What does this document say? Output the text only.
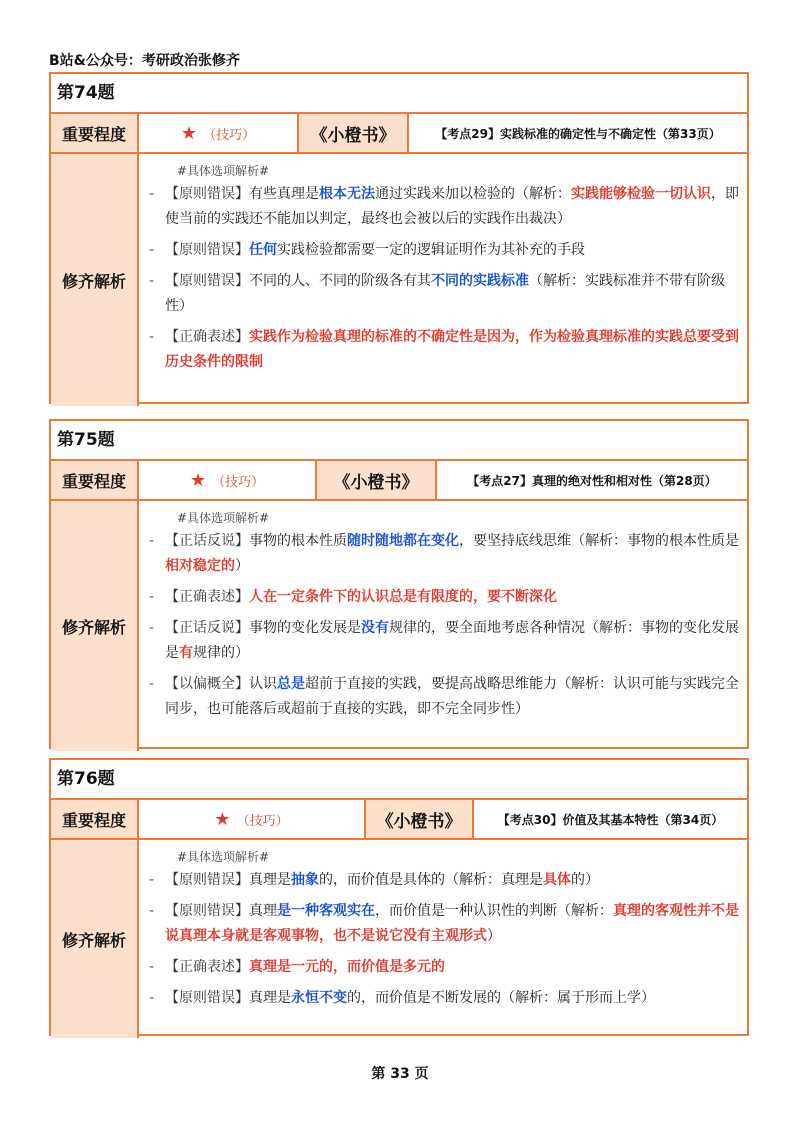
B站&公众号：考研政治张修齐
第74题
重要程度	★ （技巧）	《小橙书》	【考点29】实践标准的确定性与不确定性（第33页）
修齐解析
#具体选项解析#
- 【原则错误】有些真理是根本无法通过实践来加以检验的（解析：实践能够检验一切认识，即使当前的实践还不能加以判定，最终也会被以后的实践作出裁决）
- 【原则错误】任何实践检验都需要一定的逻辑证明作为其补充的手段
- 【原则错误】不同的人、不同的阶级各有其不同的实践标准（解析：实践标准并不带有阶级性）
- 【正确表述】实践作为检验真理的标准的不确定性是因为，作为检验真理标准的实践总要受到历史条件的限制
第75题
重要程度	★ （技巧）	《小橙书》	【考点27】真理的绝对性和相对性（第28页）
修齐解析
#具体选项解析#
- 【正话反说】事物的根本性质随时随地都在变化，要坚持底线思维（解析：事物的根本性质是相对稳定的）
- 【正确表述】人在一定条件下的认识总是有限度的，要不断深化
- 【正话反说】事物的变化发展是没有规律的，要全面地考虑各种情况（解析：事物的变化发展是有规律的）
- 【以偏概全】认识总是超前于直接的实践，要提高战略思维能力（解析：认识可能与实践完全同步，也可能落后或超前于直接的实践，即不完全同步性）
第76题
重要程度	★ （技巧）	《小橙书》	【考点30】价值及其基本特性（第34页）
修齐解析
#具体选项解析#
- 【原则错误】真理是抽象的，而价值是具体的（解析：真理是具体的）
- 【原则错误】真理是一种客观实在，而价值是一种认识性的判断（解析：真理的客观性并不是说真理本身就是客观事物，也不是说它没有主观形式）
- 【正确表述】真理是一元的，而价值是多元的
- 【原则错误】真理是永恒不变的，而价值是不断发展的（解析：属于形而上学）
第 33 页
